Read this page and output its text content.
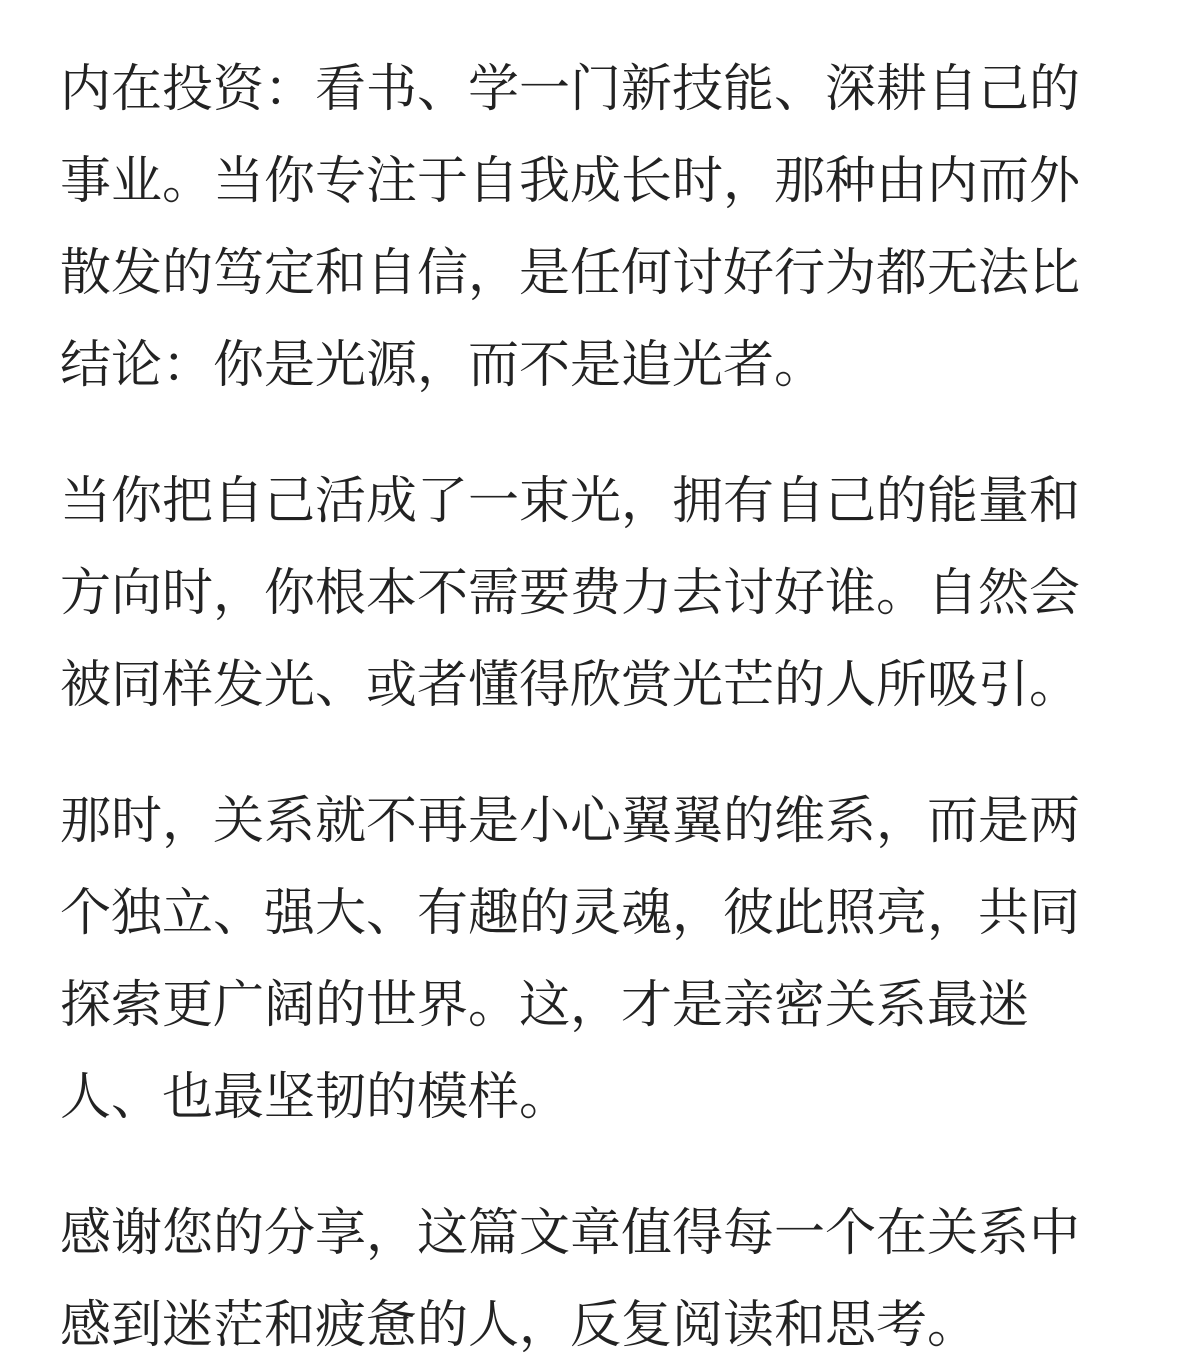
内在投资：看书、学一门新技能、深耕自己的事业。当你专注于自我成长时，那种由内而外散发的笃定和自信，是任何讨好行为都无法比结论：你是光源，而不是追光者。

当你把自己活成了一束光，拥有自己的能量和方向时，你根本不需要费力去讨好谁。自然会被同样发光、或者懂得欣赏光芒的人所吸引。

那时，关系就不再是小心翼翼的维系，而是两个独立、强大、有趣的灵魂，彼此照亮，共同探索更广阔的世界。这，才是亲密关系最迷人、也最坚韧的模样。

感谢您的分享，这篇文章值得每一个在关系中感到迷茫和疲惫的人，反复阅读和思考。
